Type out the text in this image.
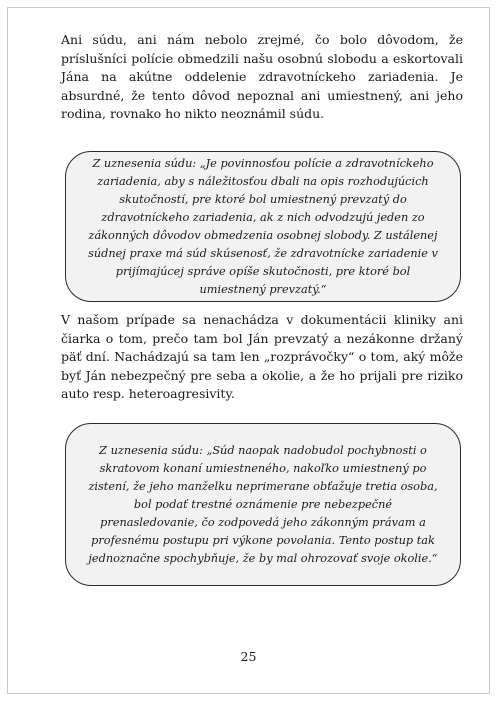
Ani súdu, ani nám nebolo zrejmé, čo bolo dôvodom, že príslušníci polície obmedzili našu osobnú slobodu a eskortovali Jána na akútne oddelenie zdravotníckeho zariadenia. Je absurdné, že tento dôvod nepoznal ani umiestnený, ani jeho rodina, rovnako ho nikto neoznámil súdu.

Z uznesenia súdu: „Je povinnosťou polície a zdravotníckeho zariadenia, aby s náležitosťou dbali na opis rozhodujúcich skutočností, pre ktoré bol umiestnený prevzatý do zdravotníckeho zariadenia, ak z nich odvodzujú jeden zo zákonných dôvodov obmedzenia osobnej slobody. Z ustálenej súdnej praxe má súd skúsenosť, že zdravotnícke zariadenie v prijímajúcej správe opíše skutočnosti, pre ktoré bol umiestnený prevzatý.“

V našom prípade sa nenachádza v dokumentácii kliniky ani čiarka o tom, prečo tam bol Ján prevzatý a nezákonne držaný päť dní. Nachádzajú sa tam len „rozprávočky“ o tom, aký môže byť Ján nebezpečný pre seba a okolie, a že ho prijali pre riziko auto resp. heteroagresivity.

Z uznesenia súdu: „Súd naopak nadobudol pochybnosti o skratovom konaní umiestneného, nakoľko umiestnený po zistení, že jeho manželku neprimerane obťažuje tretia osoba, bol podať trestné oznámenie pre nebezpečné prenasledovanie, čo zodpovedá jeho zákonným právam a profesnému postupu pri výkone povolania. Tento postup tak jednoznačne spochybňuje, že by mal ohrozovať svoje okolie.“

25
